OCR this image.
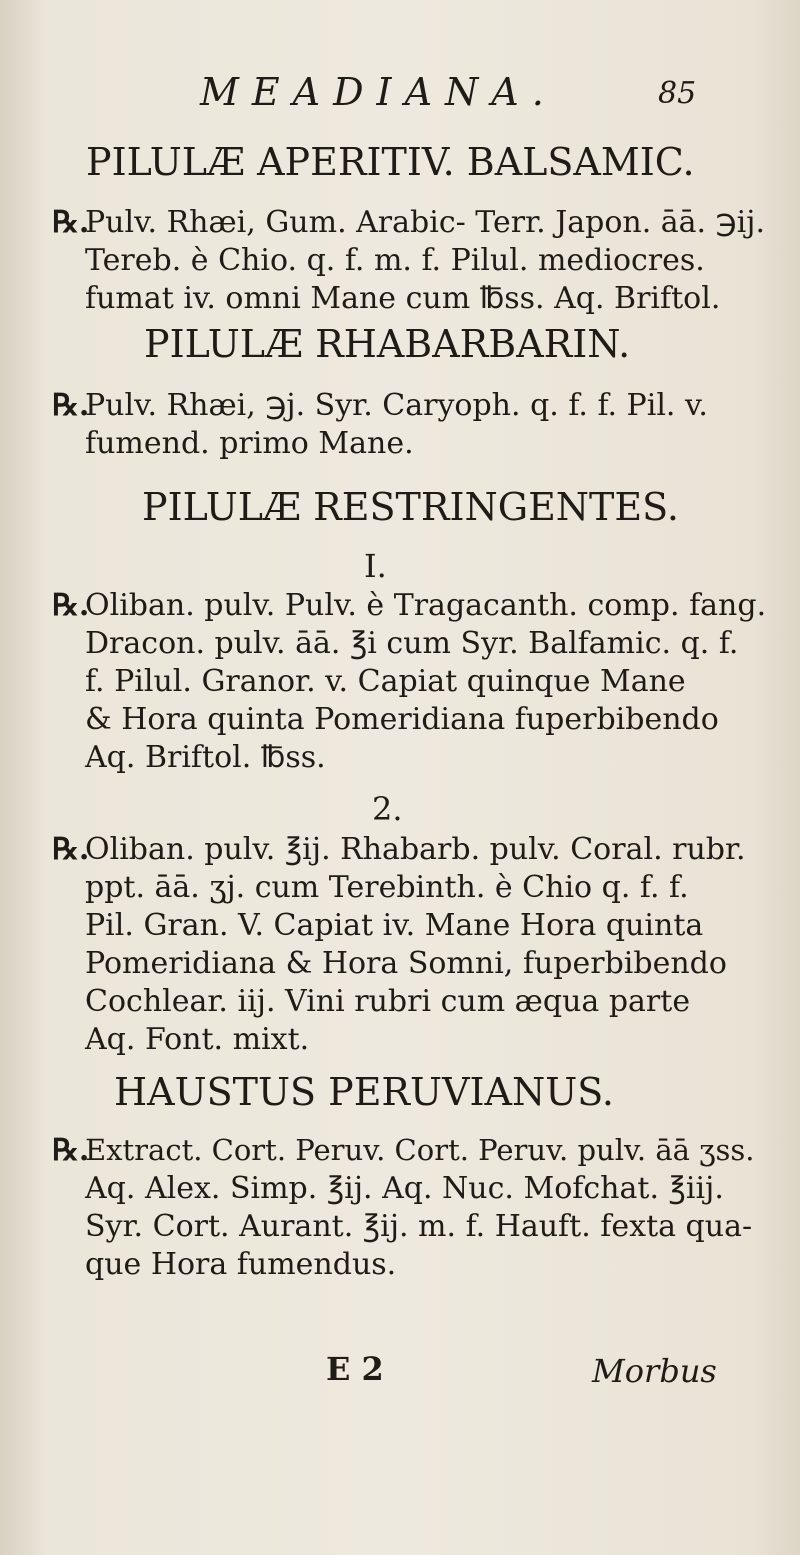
MEADIANA.	85
PILULÆ APERITIV. BALSAMIC.
℞.
Pulv. Rhæi, Gum. Arabic- Terr. Japon. āā. ℈ij.
Tereb. è Chio. q. f. m. f. Pilul. mediocres.
fumat iv. omni Mane cum ℔ss. Aq. Briftol.
PILULÆ RHABARBARIN.
℞.
Pulv. Rhæi, ℈j. Syr. Caryoph. q. f. f. Pil. v.
fumend. primo Mane.
PILULÆ RESTRINGENTES.
I.
℞.
Oliban. pulv. Pulv. è Tragacanth. comp. fang.
Dracon. pulv. āā. ℥i cum Syr. Balfamic. q. f.
f. Pilul. Granor. v. Capiat quinque Mane
& Hora quinta Pomeridiana fuperbibendo
Aq. Briftol. ℔ss.
2.
℞.
Oliban. pulv. ℥ij. Rhabarb. pulv. Coral. rubr.
ppt. āā. ʒj. cum Terebinth. è Chio q. f. f.
Pil. Gran. V. Capiat iv. Mane Hora quinta
Pomeridiana & Hora Somni, fuperbibendo
Cochlear. iij. Vini rubri cum æqua parte
Aq. Font. mixt.
HAUSTUS PERUVIANUS.
℞.
Extract. Cort. Peruv. Cort. Peruv. pulv. āā ʒss.
Aq. Alex. Simp. ℥ij. Aq. Nuc. Mofchat. ℥iij.
Syr. Cort. Aurant. ℥ij. m. f. Hauft. fexta qua-
que Hora fumendus.
E 2	Morbus
